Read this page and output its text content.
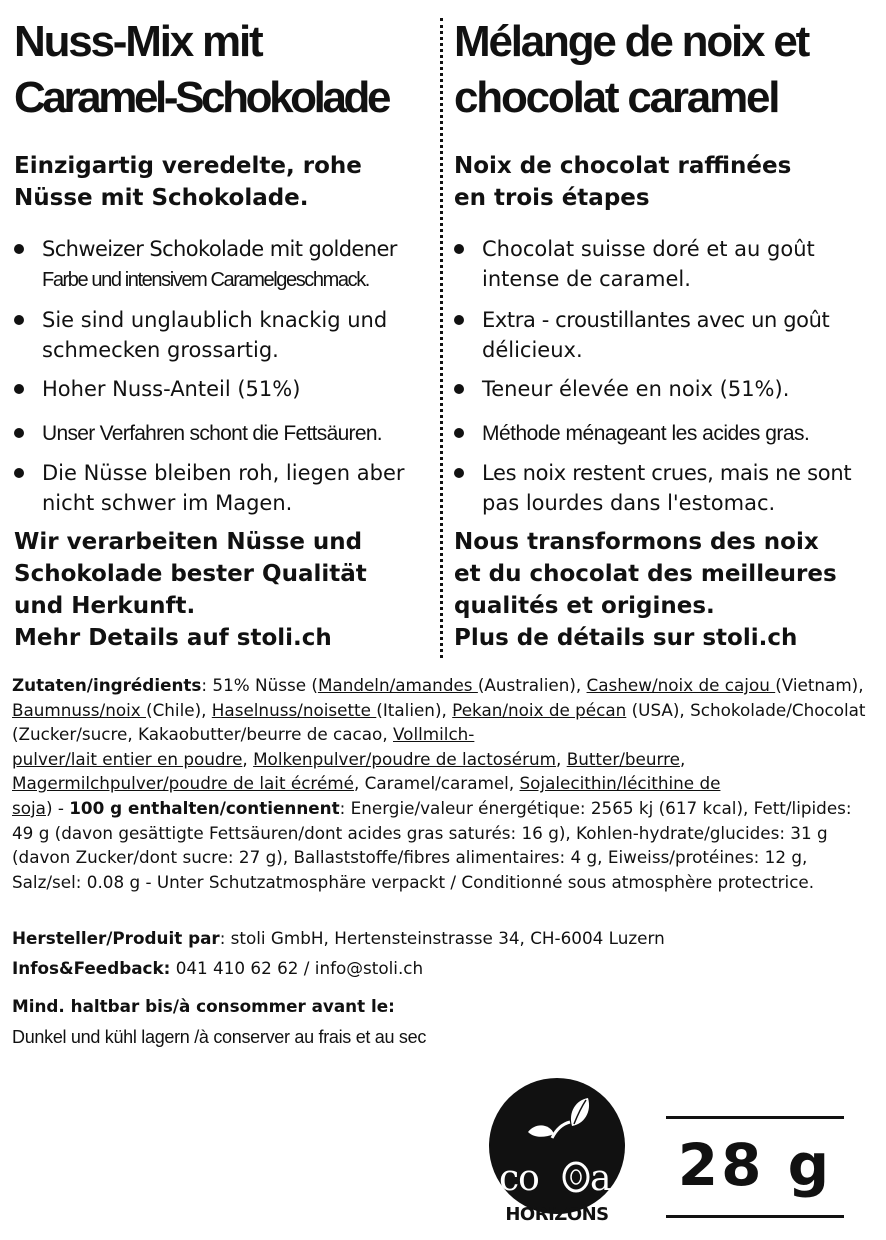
Nuss-Mix mit
Caramel-Schokolade

Einzigartig veredelte, rohe
Nüsse mit Schokolade.

Schweizer Schokolade mit goldener
Farbe und intensivem Caramelgeschmack.
Sie sind unglaublich knackig und
schmecken grossartig.
Hoher Nuss-Anteil (51%)
Unser Verfahren schont die Fettsäuren.
Die Nüsse bleiben roh, liegen aber
nicht schwer im Magen.

Wir verarbeiten Nüsse und
Schokolade bester Qualität
und Herkunft.
Mehr Details auf stoli.ch

Mélange de noix et
chocolat caramel

Noix de chocolat raffinées
en trois étapes

Chocolat suisse doré et au goût
intense de caramel.
Extra - croustillantes avec un goût
délicieux.
Teneur élevée en noix (51%).
Méthode ménageant les acides gras.
Les noix restent crues, mais ne sont
pas lourdes dans l'estomac.

Nous transformons des noix
et du chocolat des meilleures
qualités et origines.
Plus de détails sur stoli.ch

Zutaten/ingrédients: 51% Nüsse (Mandeln/amandes (Australien), Cashew/noix de cajou (Vietnam), Baumnuss/noix (Chile), Haselnuss/noisette (Italien), Pekan/noix de pécan (USA), Schokolade/Chocolat (Zucker/sucre, Kakaobutter/beurre de cacao, Vollmilch-
pulver/lait entier en poudre, Molkenpulver/poudre de lactosérum, Butter/beurre,
Magermilchpulver/poudre de lait écrémé, Caramel/caramel, Sojalecithin/lécithine de
soja) - 100 g enthalten/contiennent: Energie/valeur énergétique: 2565 kj (617 kcal), Fett/lipides: 49 g (davon gesättigte Fettsäuren/dont acides gras saturés: 16 g), Kohlen-hydrate/glucides: 31 g (davon Zucker/dont sucre: 27 g), Ballaststoffe/fibres alimentaires: 4 g, Eiweiss/protéines: 12 g, Salz/sel: 0.08 g - Unter Schutzatmosphäre verpackt / Conditionné sous atmosphère protectrice.

Hersteller/Produit par: stoli GmbH, Hertensteinstrasse 34, CH-6004 Luzern

Infos&Feedback: 041 410 62 62 / info@stoli.ch

Mind. haltbar bis/à consommer avant le:

Dunkel und kühl lagern /à conserver au frais et au sec

co a
HORIZONS
28 g
